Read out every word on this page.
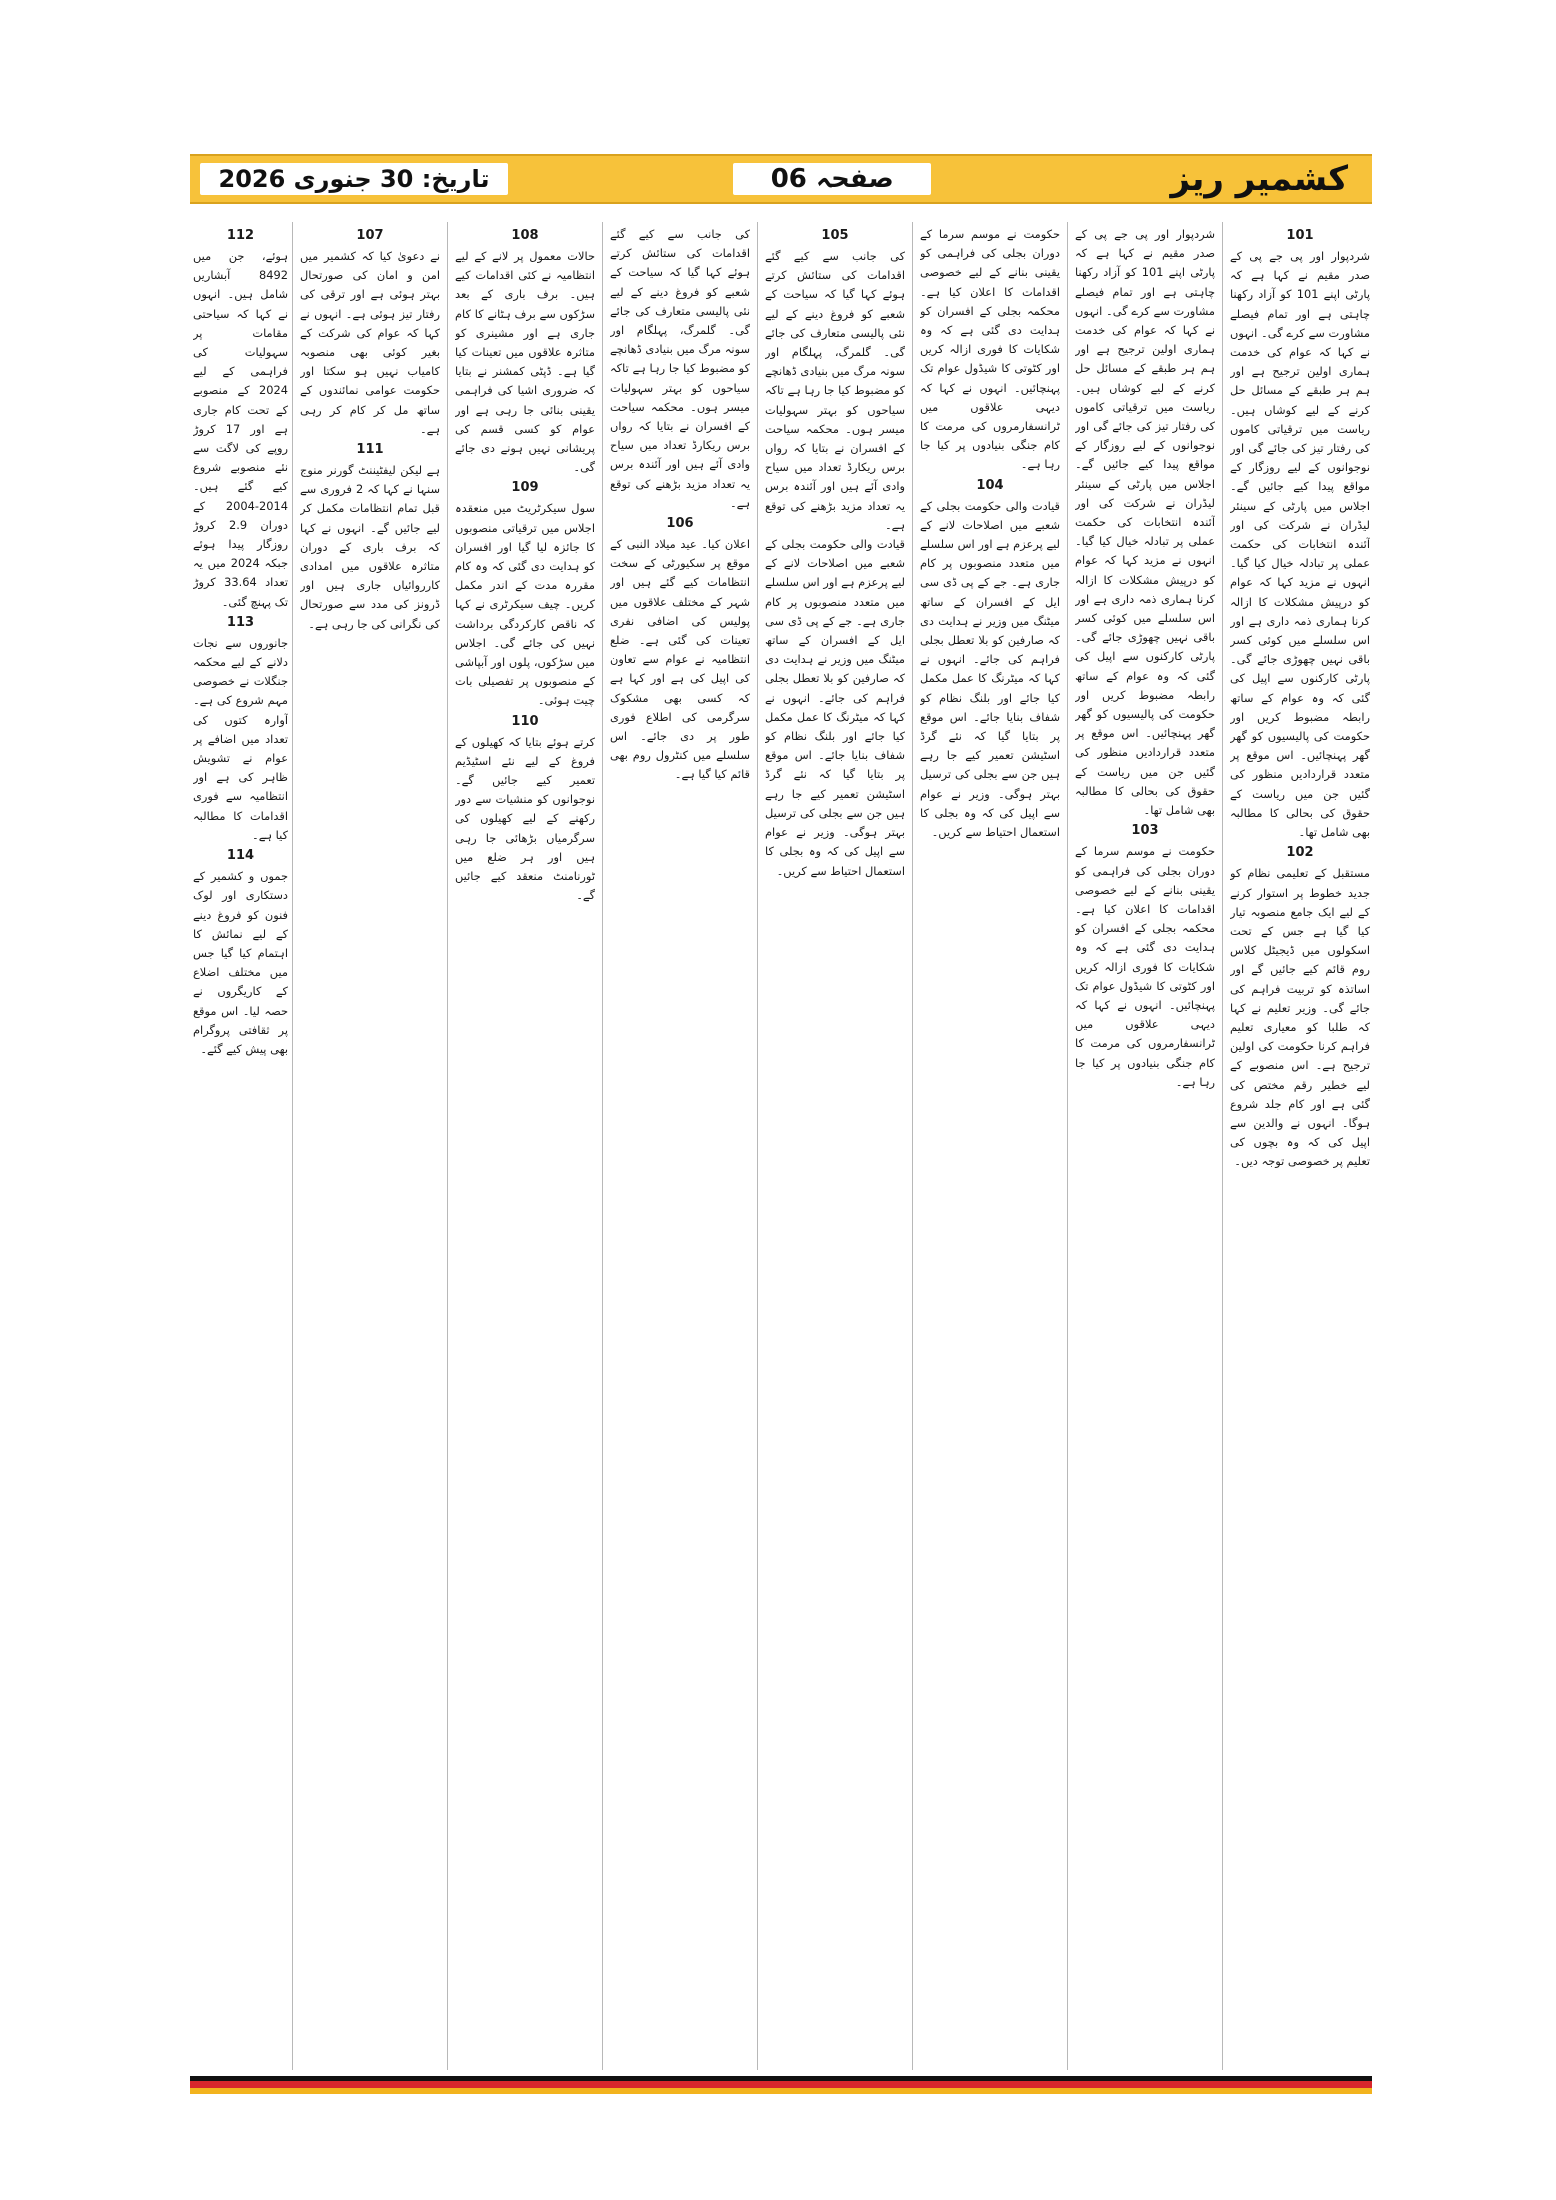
تاریخ: 30 جنوری 2026	صفحہ 06	کشمیر ریز
101

شردپوار اور پی جے پی کے صدر مقیم نے کہا ہے کہ پارٹی اپنے 101 کو آزاد رکھنا چاہتی ہے اور تمام فیصلے مشاورت سے کرے گی۔ انہوں نے کہا کہ عوام کی خدمت ہماری اولین ترجیح ہے اور ہم ہر طبقے کے مسائل حل کرنے کے لیے کوشاں ہیں۔ ریاست میں ترقیاتی کاموں کی رفتار تیز کی جائے گی اور نوجوانوں کے لیے روزگار کے مواقع پیدا کیے جائیں گے۔ اجلاس میں پارٹی کے سینئر لیڈران نے شرکت کی اور آئندہ انتخابات کی حکمت عملی پر تبادلہ خیال کیا گیا۔ انہوں نے مزید کہا کہ عوام کو درپیش مشکلات کا ازالہ کرنا ہماری ذمہ داری ہے اور اس سلسلے میں کوئی کسر باقی نہیں چھوڑی جائے گی۔ پارٹی کارکنوں سے اپیل کی گئی کہ وہ عوام کے ساتھ رابطہ مضبوط کریں اور حکومت کی پالیسیوں کو گھر گھر پہنچائیں۔ اس موقع پر متعدد قراردادیں منظور کی گئیں جن میں ریاست کے حقوق کی بحالی کا مطالبہ بھی شامل تھا۔

102

مستقبل کے تعلیمی نظام کو جدید خطوط پر استوار کرنے کے لیے ایک جامع منصوبہ تیار کیا گیا ہے جس کے تحت اسکولوں میں ڈیجیٹل کلاس روم قائم کیے جائیں گے اور اساتذہ کو تربیت فراہم کی جائے گی۔ وزیر تعلیم نے کہا کہ طلبا کو معیاری تعلیم فراہم کرنا حکومت کی اولین ترجیح ہے۔ اس منصوبے کے لیے خطیر رقم مختص کی گئی ہے اور کام جلد شروع ہوگا۔ انہوں نے والدین سے اپیل کی کہ وہ بچوں کی تعلیم پر خصوصی توجہ دیں۔

شردپوار اور پی جے پی کے صدر مقیم نے کہا ہے کہ پارٹی اپنے 101 کو آزاد رکھنا چاہتی ہے اور تمام فیصلے مشاورت سے کرے گی۔ انہوں نے کہا کہ عوام کی خدمت ہماری اولین ترجیح ہے اور ہم ہر طبقے کے مسائل حل کرنے کے لیے کوشاں ہیں۔ ریاست میں ترقیاتی کاموں کی رفتار تیز کی جائے گی اور نوجوانوں کے لیے روزگار کے مواقع پیدا کیے جائیں گے۔ اجلاس میں پارٹی کے سینئر لیڈران نے شرکت کی اور آئندہ انتخابات کی حکمت عملی پر تبادلہ خیال کیا گیا۔ انہوں نے مزید کہا کہ عوام کو درپیش مشکلات کا ازالہ کرنا ہماری ذمہ داری ہے اور اس سلسلے میں کوئی کسر باقی نہیں چھوڑی جائے گی۔ پارٹی کارکنوں سے اپیل کی گئی کہ وہ عوام کے ساتھ رابطہ مضبوط کریں اور حکومت کی پالیسیوں کو گھر گھر پہنچائیں۔ اس موقع پر متعدد قراردادیں منظور کی گئیں جن میں ریاست کے حقوق کی بحالی کا مطالبہ بھی شامل تھا۔

103

حکومت نے موسم سرما کے دوران بجلی کی فراہمی کو یقینی بنانے کے لیے خصوصی اقدامات کا اعلان کیا ہے۔ محکمہ بجلی کے افسران کو ہدایت دی گئی ہے کہ وہ شکایات کا فوری ازالہ کریں اور کٹوتی کا شیڈول عوام تک پہنچائیں۔ انہوں نے کہا کہ دیہی علاقوں میں ٹرانسفارمروں کی مرمت کا کام جنگی بنیادوں پر کیا جا رہا ہے۔

حکومت نے موسم سرما کے دوران بجلی کی فراہمی کو یقینی بنانے کے لیے خصوصی اقدامات کا اعلان کیا ہے۔ محکمہ بجلی کے افسران کو ہدایت دی گئی ہے کہ وہ شکایات کا فوری ازالہ کریں اور کٹوتی کا شیڈول عوام تک پہنچائیں۔ انہوں نے کہا کہ دیہی علاقوں میں ٹرانسفارمروں کی مرمت کا کام جنگی بنیادوں پر کیا جا رہا ہے۔

104

قیادت والی حکومت بجلی کے شعبے میں اصلاحات لانے کے لیے پرعزم ہے اور اس سلسلے میں متعدد منصوبوں پر کام جاری ہے۔ جے کے پی ڈی سی ایل کے افسران کے ساتھ میٹنگ میں وزیر نے ہدایت دی کہ صارفین کو بلا تعطل بجلی فراہم کی جائے۔ انہوں نے کہا کہ میٹرنگ کا عمل مکمل کیا جائے اور بلنگ نظام کو شفاف بنایا جائے۔ اس موقع پر بتایا گیا کہ نئے گرڈ اسٹیشن تعمیر کیے جا رہے ہیں جن سے بجلی کی ترسیل بہتر ہوگی۔ وزیر نے عوام سے اپیل کی کہ وہ بجلی کا استعمال احتیاط سے کریں۔

105

کی جانب سے کیے گئے اقدامات کی ستائش کرتے ہوئے کہا گیا کہ سیاحت کے شعبے کو فروغ دینے کے لیے نئی پالیسی متعارف کی جائے گی۔ گلمرگ، پہلگام اور سونہ مرگ میں بنیادی ڈھانچے کو مضبوط کیا جا رہا ہے تاکہ سیاحوں کو بہتر سہولیات میسر ہوں۔ محکمہ سیاحت کے افسران نے بتایا کہ رواں برس ریکارڈ تعداد میں سیاح وادی آئے ہیں اور آئندہ برس یہ تعداد مزید بڑھنے کی توقع ہے۔

قیادت والی حکومت بجلی کے شعبے میں اصلاحات لانے کے لیے پرعزم ہے اور اس سلسلے میں متعدد منصوبوں پر کام جاری ہے۔ جے کے پی ڈی سی ایل کے افسران کے ساتھ میٹنگ میں وزیر نے ہدایت دی کہ صارفین کو بلا تعطل بجلی فراہم کی جائے۔ انہوں نے کہا کہ میٹرنگ کا عمل مکمل کیا جائے اور بلنگ نظام کو شفاف بنایا جائے۔ اس موقع پر بتایا گیا کہ نئے گرڈ اسٹیشن تعمیر کیے جا رہے ہیں جن سے بجلی کی ترسیل بہتر ہوگی۔ وزیر نے عوام سے اپیل کی کہ وہ بجلی کا استعمال احتیاط سے کریں۔

کی جانب سے کیے گئے اقدامات کی ستائش کرتے ہوئے کہا گیا کہ سیاحت کے شعبے کو فروغ دینے کے لیے نئی پالیسی متعارف کی جائے گی۔ گلمرگ، پہلگام اور سونہ مرگ میں بنیادی ڈھانچے کو مضبوط کیا جا رہا ہے تاکہ سیاحوں کو بہتر سہولیات میسر ہوں۔ محکمہ سیاحت کے افسران نے بتایا کہ رواں برس ریکارڈ تعداد میں سیاح وادی آئے ہیں اور آئندہ برس یہ تعداد مزید بڑھنے کی توقع ہے۔

106

اعلان کیا۔ عید میلاد النبی کے موقع پر سکیورٹی کے سخت انتظامات کیے گئے ہیں اور شہر کے مختلف علاقوں میں پولیس کی اضافی نفری تعینات کی گئی ہے۔ ضلع انتظامیہ نے عوام سے تعاون کی اپیل کی ہے اور کہا ہے کہ کسی بھی مشکوک سرگرمی کی اطلاع فوری طور پر دی جائے۔ اس سلسلے میں کنٹرول روم بھی قائم کیا گیا ہے۔

108

حالات معمول پر لانے کے لیے انتظامیہ نے کئی اقدامات کیے ہیں۔ برف باری کے بعد سڑکوں سے برف ہٹانے کا کام جاری ہے اور مشینری کو متاثرہ علاقوں میں تعینات کیا گیا ہے۔ ڈپٹی کمشنر نے بتایا کہ ضروری اشیا کی فراہمی یقینی بنائی جا رہی ہے اور عوام کو کسی قسم کی پریشانی نہیں ہونے دی جائے گی۔

109

سول سیکرٹریٹ میں منعقدہ اجلاس میں ترقیاتی منصوبوں کا جائزہ لیا گیا اور افسران کو ہدایت دی گئی کہ وہ کام مقررہ مدت کے اندر مکمل کریں۔ چیف سیکرٹری نے کہا کہ ناقص کارکردگی برداشت نہیں کی جائے گی۔ اجلاس میں سڑکوں، پلوں اور آبپاشی کے منصوبوں پر تفصیلی بات چیت ہوئی۔

110

کرتے ہوئے بتایا کہ کھیلوں کے فروغ کے لیے نئے اسٹیڈیم تعمیر کیے جائیں گے۔ نوجوانوں کو منشیات سے دور رکھنے کے لیے کھیلوں کی سرگرمیاں بڑھائی جا رہی ہیں اور ہر ضلع میں ٹورنامنٹ منعقد کیے جائیں گے۔

107

نے دعویٰ کیا کہ کشمیر میں امن و امان کی صورتحال بہتر ہوئی ہے اور ترقی کی رفتار تیز ہوئی ہے۔ انہوں نے کہا کہ عوام کی شرکت کے بغیر کوئی بھی منصوبہ کامیاب نہیں ہو سکتا اور حکومت عوامی نمائندوں کے ساتھ مل کر کام کر رہی ہے۔

111

ہے لیکن لیفٹیننٹ گورنر منوج سنہا نے کہا کہ 2 فروری سے قبل تمام انتظامات مکمل کر لیے جائیں گے۔ انہوں نے کہا کہ برف باری کے دوران متاثرہ علاقوں میں امدادی کارروائیاں جاری ہیں اور ڈرونز کی مدد سے صورتحال کی نگرانی کی جا رہی ہے۔

112

ہوئے، جن میں 8492 آبشاریں شامل ہیں۔ انہوں نے کہا کہ سیاحتی مقامات پر سہولیات کی فراہمی کے لیے 2024 کے منصوبے کے تحت کام جاری ہے اور 17 کروڑ روپے کی لاگت سے نئے منصوبے شروع کیے گئے ہیں۔ 2014-2004 کے دوران 2.9 کروڑ روزگار پیدا ہوئے جبکہ 2024 میں یہ تعداد 33.64 کروڑ تک پہنچ گئی۔

113

جانوروں سے نجات دلانے کے لیے محکمہ جنگلات نے خصوصی مہم شروع کی ہے۔ آوارہ کتوں کی تعداد میں اضافے پر عوام نے تشویش ظاہر کی ہے اور انتظامیہ سے فوری اقدامات کا مطالبہ کیا ہے۔

114

جموں و کشمیر کے دستکاری اور لوک فنون کو فروغ دینے کے لیے نمائش کا اہتمام کیا گیا جس میں مختلف اضلاع کے کاریگروں نے حصہ لیا۔ اس موقع پر ثقافتی پروگرام بھی پیش کیے گئے۔
